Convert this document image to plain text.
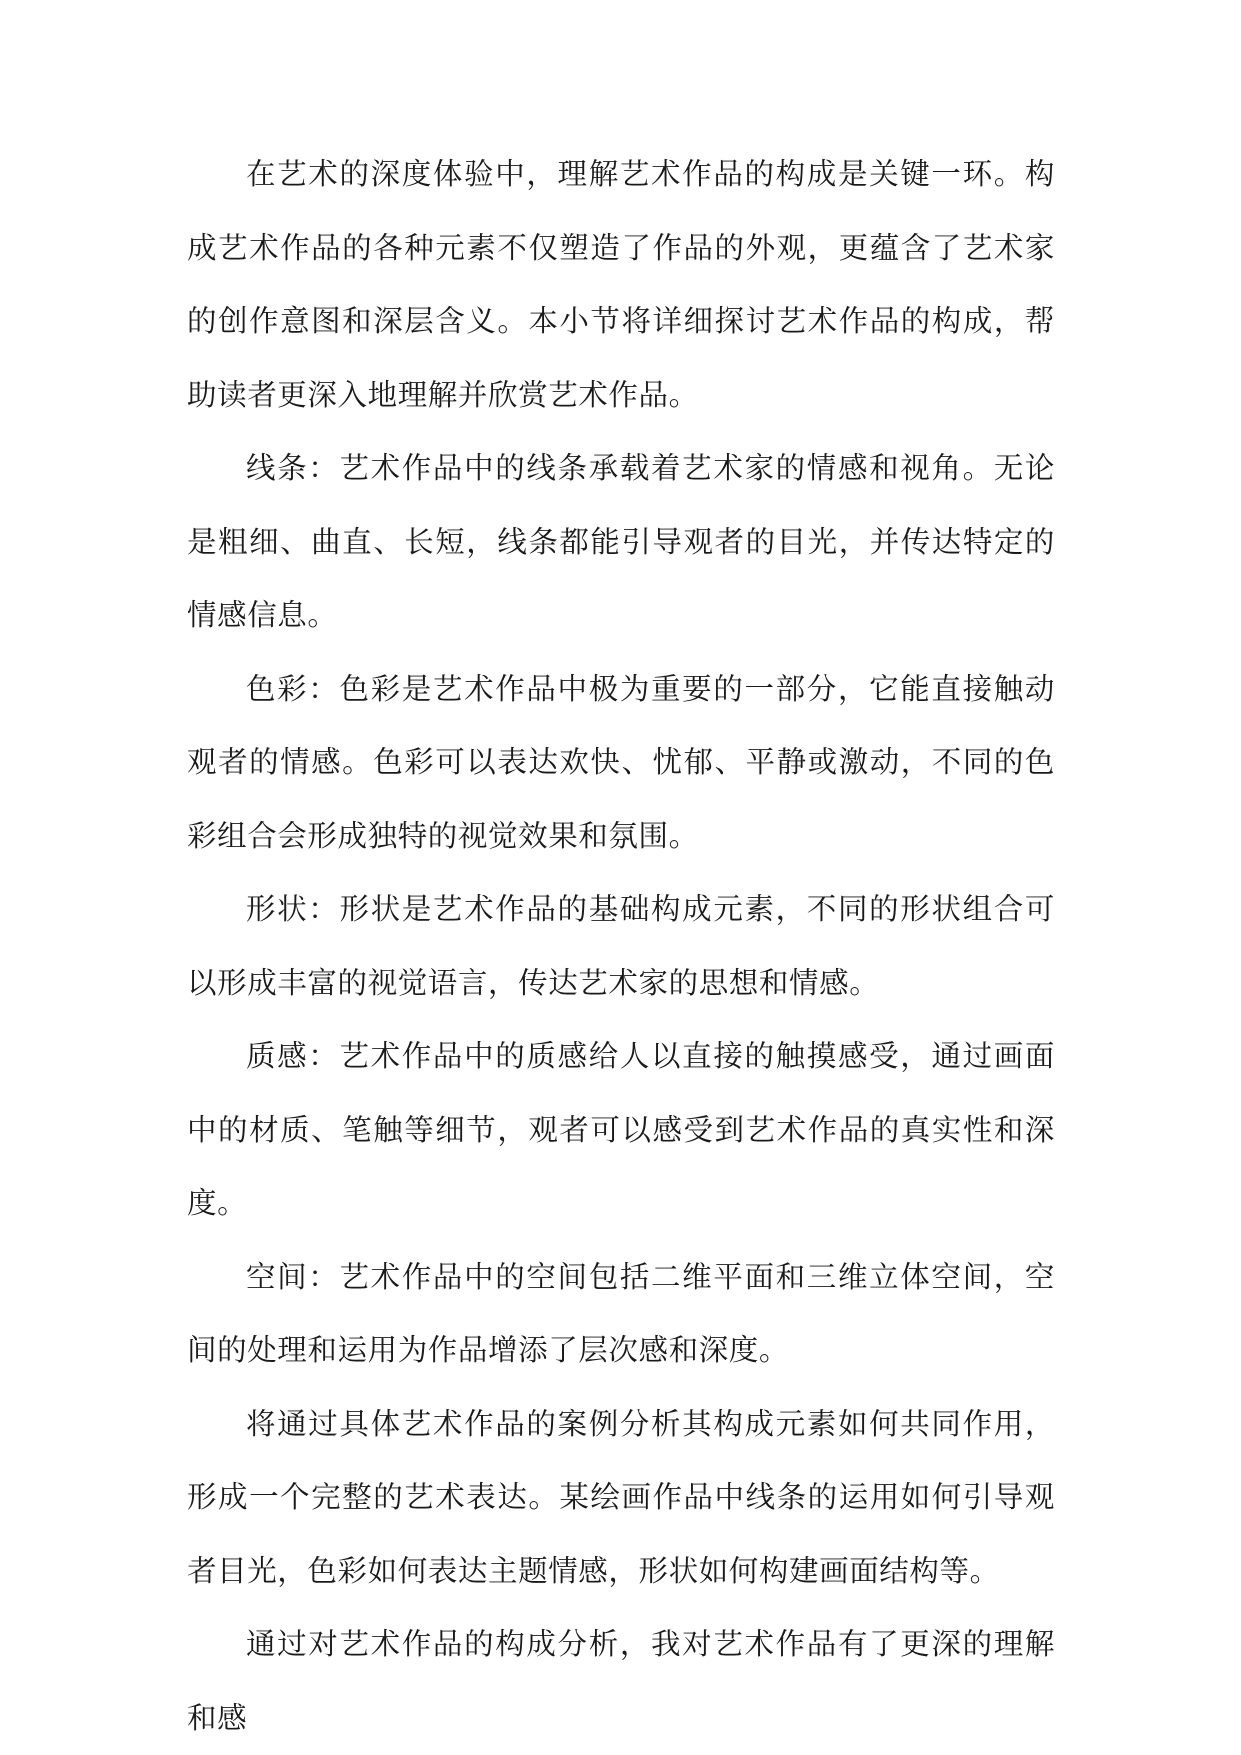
在艺术的深度体验中，理解艺术作品的构成是关键一环。构成艺术作品的各种元素不仅塑造了作品的外观，更蕴含了艺术家的创作意图和深层含义。本小节将详细探讨艺术作品的构成，帮助读者更深入地理解并欣赏艺术作品。

线条：艺术作品中的线条承载着艺术家的情感和视角。无论是粗细、曲直、长短，线条都能引导观者的目光，并传达特定的情感信息。

色彩：色彩是艺术作品中极为重要的一部分，它能直接触动观者的情感。色彩可以表达欢快、忧郁、平静或激动，不同的色彩组合会形成独特的视觉效果和氛围。

形状：形状是艺术作品的基础构成元素，不同的形状组合可以形成丰富的视觉语言，传达艺术家的思想和情感。

质感：艺术作品中的质感给人以直接的触摸感受，通过画面中的材质、笔触等细节，观者可以感受到艺术作品的真实性和深度。

空间：艺术作品中的空间包括二维平面和三维立体空间，空间的处理和运用为作品增添了层次感和深度。

将通过具体艺术作品的案例分析其构成元素如何共同作用，形成一个完整的艺术表达。某绘画作品中线条的运用如何引导观者目光，色彩如何表达主题情感，形状如何构建画面结构等。

通过对艺术作品的构成分析，我对艺术作品有了更深的理解和感
